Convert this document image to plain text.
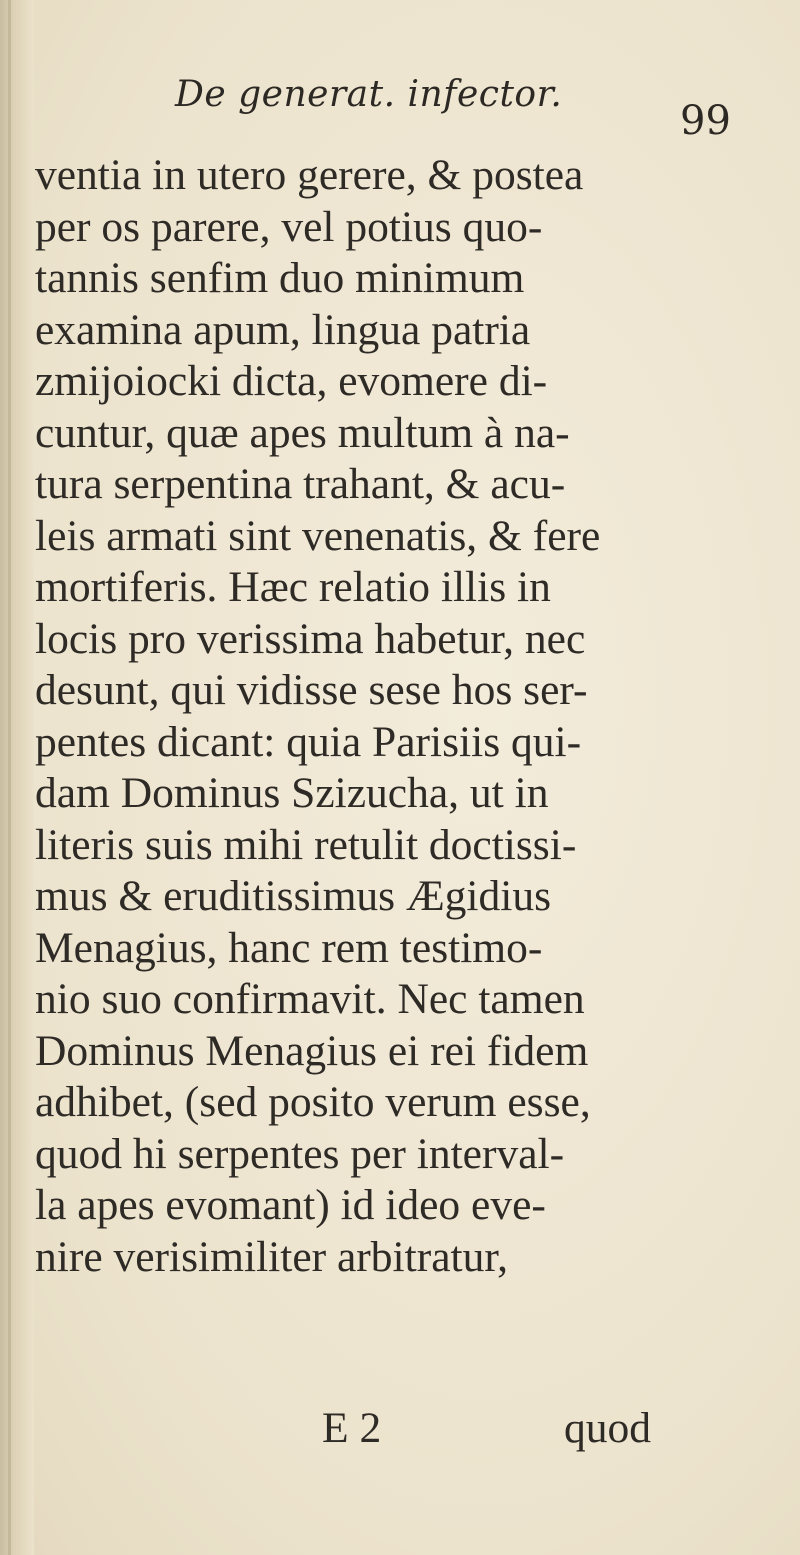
De generat. infector.
99
ventia in utero gerere, & postea
per os parere, vel potius quo-
tannis senfim duo minimum
examina apum, lingua patria
zmijoiocki dicta, evomere di-
cuntur, quæ apes multum à na-
tura serpentina trahant, & acu-
leis armati sint venenatis, & fere
mortiferis. Hæc relatio illis in
locis pro verissima habetur, nec
desunt, qui vidisse sese hos ser-
pentes dicant: quia Parisiis qui-
dam Dominus Szizucha, ut in
literis suis mihi retulit doctissi-
mus & eruditissimus Ægidius
Menagius, hanc rem testimo-
nio suo confirmavit. Nec tamen
Dominus Menagius ei rei fidem
adhibet, (sed posito verum esse,
quod hi serpentes per interval-
la apes evomant) id ideo eve-
nire verisimiliter arbitratur,
E 2	quod
